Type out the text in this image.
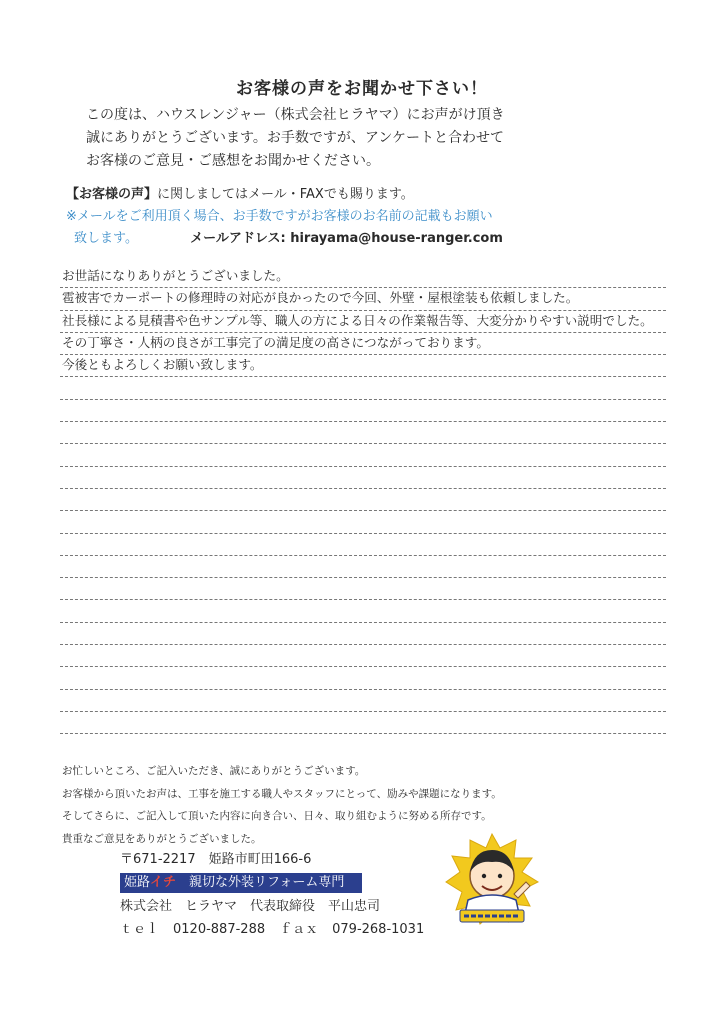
お客様の声をお聞かせ下さい！
この度は、ハウスレンジャー（株式会社ヒラヤマ）にお声がけ頂き
誠にありがとうございます。お手数ですが、アンケートと合わせて
お客様のご意見・ご感想をお聞かせください。
【お客様の声】に関しましてはメール・FAXでも賜ります。
※メールをご利用頂く場合、お手数ですがお客様のお名前の記載もお願い
致します。	メールアドレス: hirayama@house-ranger.com
お世話になりありがとうございました。
雹被害でカーポートの修理時の対応が良かったので今回、外壁・屋根塗装も依頼しました。
社長様による見積書や色サンプル等、職人の方による日々の作業報告等、大変分かりやすい説明でした。
その丁寧さ・人柄の良さが工事完了の満足度の高さにつながっております。
今後ともよろしくお願い致します。
お忙しいところ、ご記入いただき、誠にありがとうございます。
お客様から頂いたお声は、工事を施工する職人やスタッフにとって、励みや課題になります。
そしてさらに、ご記入して頂いた内容に向き合い、日々、取り組むように努める所存です。
貴重なご意見をありがとうございました。
〒671-2217　姫路市町田166-6
姫路イチ　 親切な外装リフォーム専門
株式会社　ヒラヤマ　代表取締役　平山忠司
ｔｅｌ 0120-887-288 ｆａｘ 079-268-1031
